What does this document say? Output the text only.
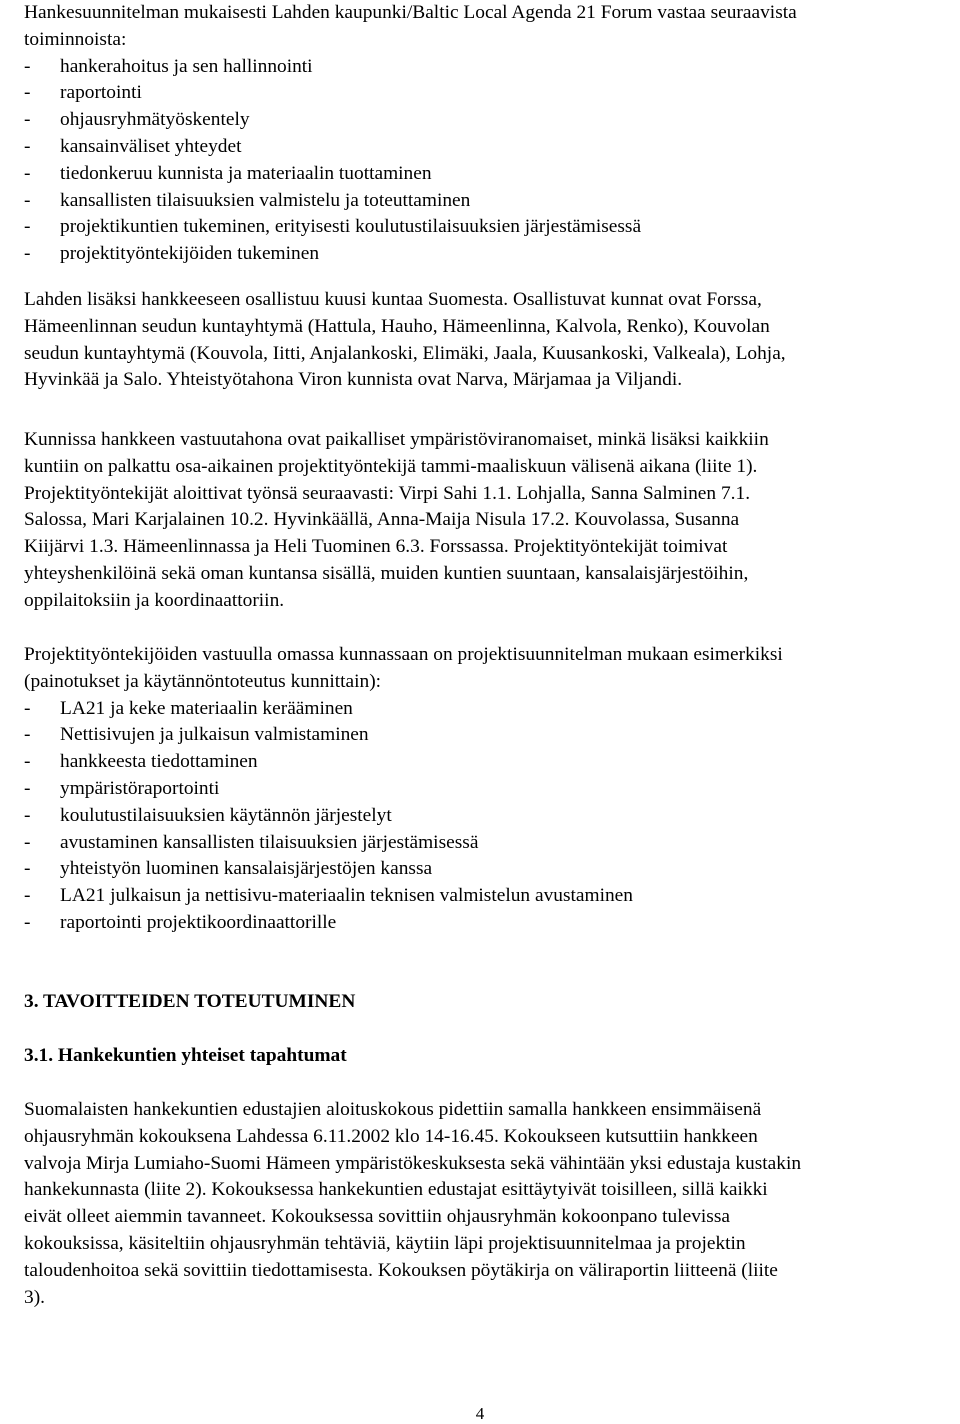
Hankesuunnitelman mukaisesti Lahden kaupunki/Baltic Local Agenda 21 Forum vastaa seuraavista
toiminnoista:
- hankerahoitus ja sen hallinnointi
- raportointi
- ohjausryhmätyöskentely
- kansainväliset yhteydet
- tiedonkeruu kunnista ja materiaalin tuottaminen
- kansallisten tilaisuuksien valmistelu ja toteuttaminen
- projektikuntien tukeminen, erityisesti koulutustilaisuuksien järjestämisessä
- projektityöntekijöiden tukeminen
Lahden lisäksi hankkeeseen osallistuu kuusi kuntaa Suomesta. Osallistuvat kunnat ovat Forssa,
Hämeenlinnan seudun kuntayhtymä (Hattula, Hauho, Hämeenlinna, Kalvola, Renko), Kouvolan
seudun kuntayhtymä (Kouvola, Iitti, Anjalankoski, Elimäki, Jaala, Kuusankoski, Valkeala), Lohja,
Hyvinkää ja Salo. Yhteistyötahona Viron kunnista ovat Narva, Märjamaa ja Viljandi.
Kunnissa hankkeen vastuutahona ovat paikalliset ympäristöviranomaiset, minkä lisäksi kaikkiin
kuntiin on palkattu osa-aikainen projektityöntekijä tammi-maaliskuun välisenä aikana (liite 1).
Projektityöntekijät aloittivat työnsä seuraavasti: Virpi Sahi 1.1. Lohjalla, Sanna Salminen 7.1.
Salossa, Mari Karjalainen 10.2. Hyvinkäällä, Anna-Maija Nisula 17.2. Kouvolassa, Susanna
Kiijärvi 1.3. Hämeenlinnassa ja Heli Tuominen 6.3. Forssassa. Projektityöntekijät toimivat
yhteyshenkilöinä sekä oman kuntansa sisällä, muiden kuntien suuntaan, kansalaisjärjestöihin,
oppilaitoksiin ja koordinaattoriin.
Projektityöntekijöiden vastuulla omassa kunnassaan on projektisuunnitelman mukaan esimerkiksi
(painotukset ja käytännöntoteutus kunnittain):
- LA21 ja keke materiaalin kerääminen
- Nettisivujen ja julkaisun valmistaminen
- hankkeesta tiedottaminen
- ympäristöraportointi
- koulutustilaisuuksien käytännön järjestelyt
- avustaminen kansallisten tilaisuuksien järjestämisessä
- yhteistyön luominen kansalaisjärjestöjen kanssa
- LA21 julkaisun ja nettisivu-materiaalin teknisen valmistelun avustaminen
- raportointi projektikoordinaattorille
3. TAVOITTEIDEN TOTEUTUMINEN
3.1. Hankekuntien yhteiset tapahtumat
Suomalaisten hankekuntien edustajien aloituskokous pidettiin samalla hankkeen ensimmäisenä
ohjausryhmän kokouksena Lahdessa 6.11.2002 klo 14-16.45. Kokoukseen kutsuttiin hankkeen
valvoja Mirja Lumiaho-Suomi Hämeen ympäristökeskuksesta sekä vähintään yksi edustaja kustakin
hankekunnasta (liite 2). Kokouksessa hankekuntien edustajat esittäytyivät toisilleen, sillä kaikki
eivät olleet aiemmin tavanneet. Kokouksessa sovittiin ohjausryhmän kokoonpano tulevissa
kokouksissa, käsiteltiin ohjausryhmän tehtäviä, käytiin läpi projektisuunnitelmaa ja projektin
taloudenhoitoa sekä sovittiin tiedottamisesta. Kokouksen pöytäkirja on väliraportin liitteenä (liite
3).
4
